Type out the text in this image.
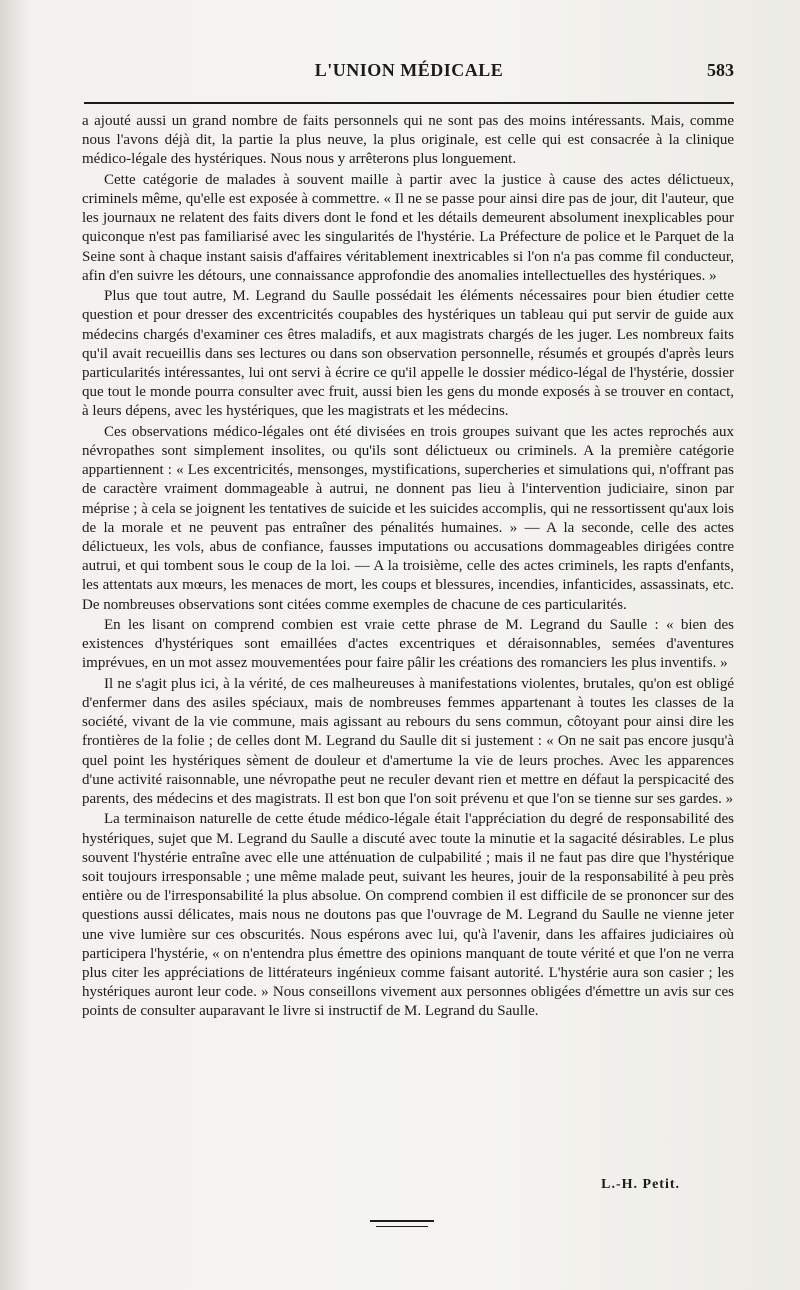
L'UNION MÉDICALE	583

a ajouté aussi un grand nombre de faits personnels qui ne sont pas des moins intéressants. Mais, comme nous l'avons déjà dit, la partie la plus neuve, la plus originale, est celle qui est consacrée à la clinique médico-légale des hystériques. Nous nous y arrêterons plus longuement.

Cette catégorie de malades à souvent maille à partir avec la justice à cause des actes délictueux, criminels même, qu'elle est exposée à commettre. « Il ne se passe pour ainsi dire pas de jour, dit l'auteur, que les journaux ne relatent des faits divers dont le fond et les détails demeurent absolument inexplicables pour quiconque n'est pas familiarisé avec les singularités de l'hystérie. La Préfecture de police et le Parquet de la Seine sont à chaque instant saisis d'affaires véritablement inextricables si l'on n'a pas comme fil conducteur, afin d'en suivre les détours, une connaissance approfondie des anomalies intellectuelles des hystériques. »

Plus que tout autre, M. Legrand du Saulle possédait les éléments nécessaires pour bien étudier cette question et pour dresser des excentricités coupables des hystériques un tableau qui put servir de guide aux médecins chargés d'examiner ces êtres maladifs, et aux magistrats chargés de les juger. Les nombreux faits qu'il avait recueillis dans ses lectures ou dans son observation personnelle, résumés et groupés d'après leurs particularités intéressantes, lui ont servi à écrire ce qu'il appelle le dossier médico-légal de l'hystérie, dossier que tout le monde pourra consulter avec fruit, aussi bien les gens du monde exposés à se trouver en contact, à leurs dépens, avec les hystériques, que les magistrats et les médecins.

Ces observations médico-légales ont été divisées en trois groupes suivant que les actes reprochés aux névropathes sont simplement insolites, ou qu'ils sont délictueux ou criminels. A la première catégorie appartiennent : « Les excentricités, mensonges, mystifications, supercheries et simulations qui, n'offrant pas de caractère vraiment dommageable à autrui, ne donnent pas lieu à l'intervention judiciaire, sinon par méprise ; à cela se joignent les tentatives de suicide et les suicides accomplis, qui ne ressortissent qu'aux lois de la morale et ne peuvent pas entraîner des pénalités humaines. » — A la seconde, celle des actes délictueux, les vols, abus de confiance, fausses imputations ou accusations dommageables dirigées contre autrui, et qui tombent sous le coup de la loi. — A la troisième, celle des actes criminels, les rapts d'enfants, les attentats aux mœurs, les menaces de mort, les coups et blessures, incendies, infanticides, assassinats, etc. De nombreuses observations sont citées comme exemples de chacune de ces particularités.

En les lisant on comprend combien est vraie cette phrase de M. Legrand du Saulle : « bien des existences d'hystériques sont emaillées d'actes excentriques et déraisonnables, semées d'aventures imprévues, en un mot assez mouvementées pour faire pâlir les créations des romanciers les plus inventifs. »

Il ne s'agit plus ici, à la vérité, de ces malheureuses à manifestations violentes, brutales, qu'on est obligé d'enfermer dans des asiles spéciaux, mais de nombreuses femmes appartenant à toutes les classes de la société, vivant de la vie commune, mais agissant au rebours du sens commun, côtoyant pour ainsi dire les frontières de la folie ; de celles dont M. Legrand du Saulle dit si justement : « On ne sait pas encore jusqu'à quel point les hystériques sèment de douleur et d'amertume la vie de leurs proches. Avec les apparences d'une activité raisonnable, une névropathe peut ne reculer devant rien et mettre en défaut la perspicacité des parents, des médecins et des magistrats. Il est bon que l'on soit prévenu et que l'on se tienne sur ses gardes. »

La terminaison naturelle de cette étude médico-légale était l'appréciation du degré de responsabilité des hystériques, sujet que M. Legrand du Saulle a discuté avec toute la minutie et la sagacité désirables. Le plus souvent l'hystérie entraîne avec elle une atténuation de culpabilité ; mais il ne faut pas dire que l'hystérique soit toujours irresponsable ; une même malade peut, suivant les heures, jouir de la responsabilité à peu près entière ou de l'irresponsabilité la plus absolue. On comprend combien il est difficile de se prononcer sur des questions aussi délicates, mais nous ne doutons pas que l'ouvrage de M. Legrand du Saulle ne vienne jeter une vive lumière sur ces obscurités. Nous espérons avec lui, qu'à l'avenir, dans les affaires judiciaires où participera l'hystérie, « on n'entendra plus émettre des opinions manquant de toute vérité et que l'on ne verra plus citer les appréciations de littérateurs ingénieux comme faisant autorité. L'hystérie aura son casier ; les hystériques auront leur code. » Nous conseillons vivement aux personnes obligées d'émettre un avis sur ces points de consulter auparavant le livre si instructif de M. Legrand du Saulle.

L.-H. Petit.
